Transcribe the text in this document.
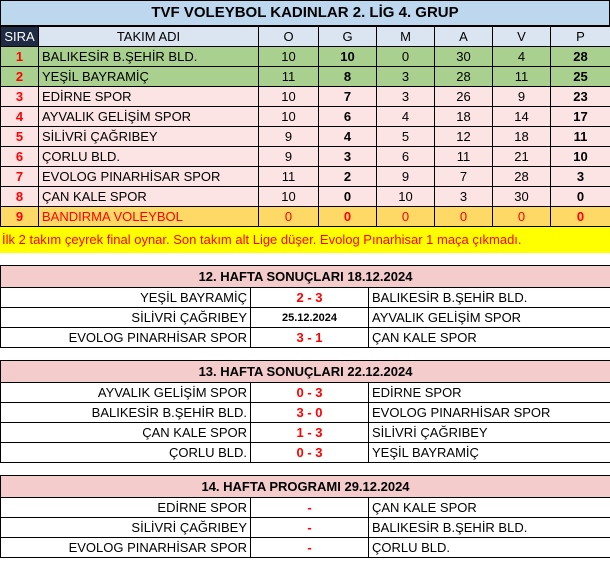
TVF VOLEYBOL KADINLAR 2. LİG 4. GRUP
SIRA	TAKIM ADI	O	G	M	A	V	P
1	BALIKESİR B.ŞEHİR BLD.	10	10	0	30	4	28
2	YEŞİL BAYRAMİÇ	11	8	3	28	11	25
3	EDİRNE SPOR	10	7	3	26	9	23
4	AYVALIK GELİŞİM SPOR	10	6	4	18	14	17
5	SİLİVRİ ÇAĞRIBEY	9	4	5	12	18	11
6	ÇORLU BLD.	9	3	6	11	21	10
7	EVOLOG PINARHİSAR SPOR	11	2	9	7	28	3
8	ÇAN KALE SPOR	10	0	10	3	30	0
9	BANDIRMA VOLEYBOL	0	0	0	0	0	0
İlk 2 takım çeyrek final oynar. Son takım alt Lige düşer. Evolog Pınarhisar 1 maça çıkmadı.
12. HAFTA SONUÇLARI 18.12.2024		
YEŞİL BAYRAMİÇ	2 - 3	BALIKESİR B.ŞEHİR BLD.
SİLİVRİ ÇAĞRIBEY	25.12.2024	AYVALIK GELİŞİM SPOR
EVOLOG PINARHİSAR SPOR	3 - 1	ÇAN KALE SPOR
13. HAFTA SONUÇLARI 22.12.2024		
AYVALIK GELİŞİM SPOR	0 - 3	EDİRNE SPOR
BALIKESİR B.ŞEHİR BLD.	3 - 0	EVOLOG PINARHİSAR SPOR
ÇAN KALE SPOR	1 - 3	SİLİVRİ ÇAĞRIBEY
ÇORLU BLD.	0 - 3	YEŞİL BAYRAMİÇ
14. HAFTA PROGRAMI 29.12.2024		
EDİRNE SPOR	-	ÇAN KALE SPOR
SİLİVRİ ÇAĞRIBEY	-	BALIKESİR B.ŞEHİR BLD.
EVOLOG PINARHİSAR SPOR	-	ÇORLU BLD.
